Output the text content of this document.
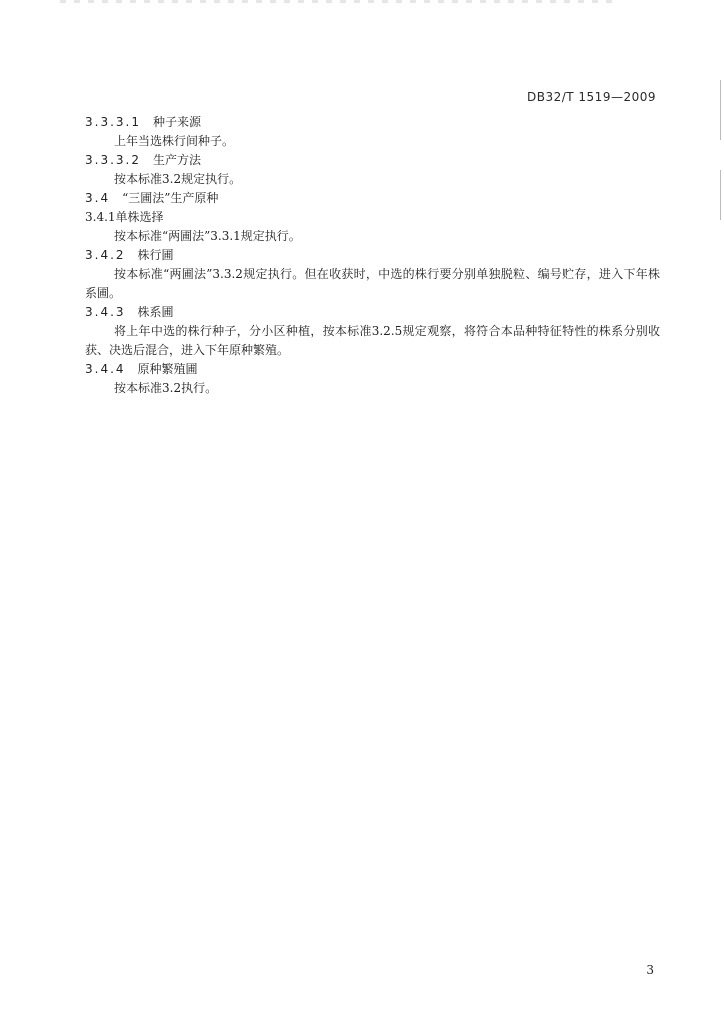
DB32/T 1519—2009
3.3.3.1 种子来源
上年当选株行间种子。
3.3.3.2 生产方法
按本标准3.2规定执行。
3.4 “三圃法”生产原种
3.4.1单株选择
按本标准“两圃法”3.3.1规定执行。
3.4.2 株行圃

按本标准“两圃法”3.3.2规定执行。但在收获时，中选的株行要分别单独脱粒、编号贮存，进入下年株系圃。

3.4.3 株系圃

将上年中选的株行种子，分小区种植，按本标准3.2.5规定观察，将符合本品种特征特性的株系分别收获、决选后混合，进入下年原种繁殖。

3.4.4 原种繁殖圃
按本标准3.2执行。
3
